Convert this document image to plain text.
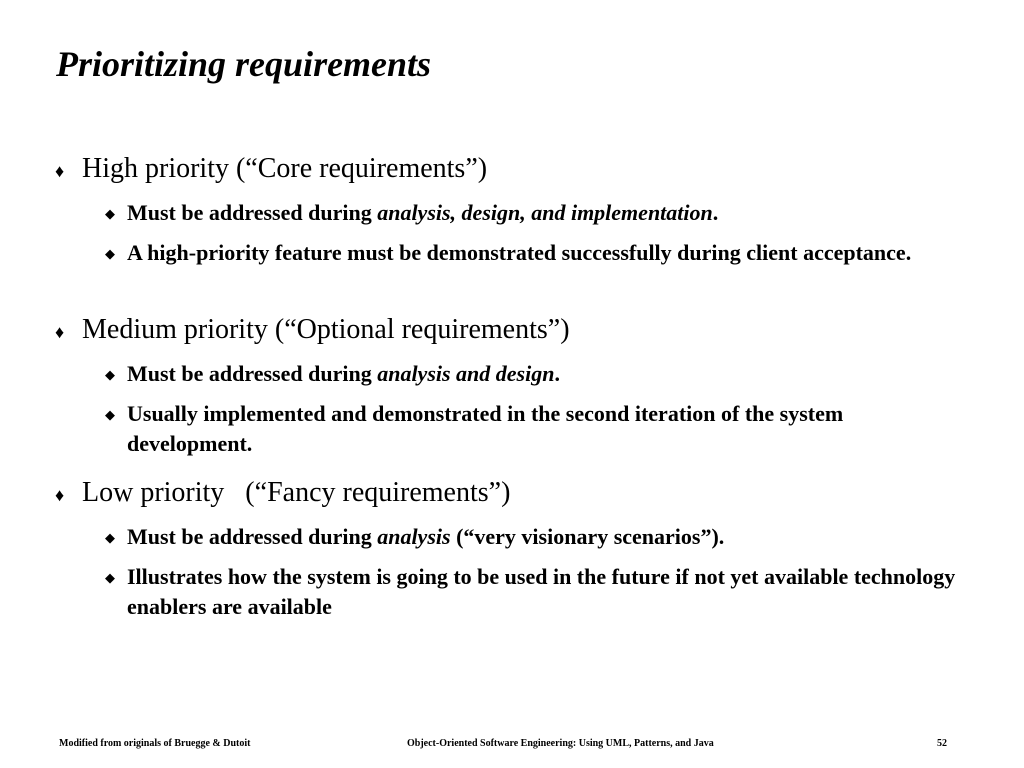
Prioritizing requirements
♦ High priority (“Core requirements”)
◆ Must be addressed during analysis, design, and implementation.
◆ A high-priority feature must be demonstrated successfully during client acceptance.
♦ Medium priority (“Optional requirements”)
◆ Must be addressed during analysis and design.
◆ Usually implemented and demonstrated in the second iteration of the system development.
♦ Low priority   (“Fancy requirements”)
◆ Must be addressed during analysis (“very visionary scenarios”).
◆ Illustrates how the system is going to be used in the future if not yet available technology enablers are available
Modified from originals of Bruegge & Dutoit	Object-Oriented Software Engineering: Using UML, Patterns, and Java	52
